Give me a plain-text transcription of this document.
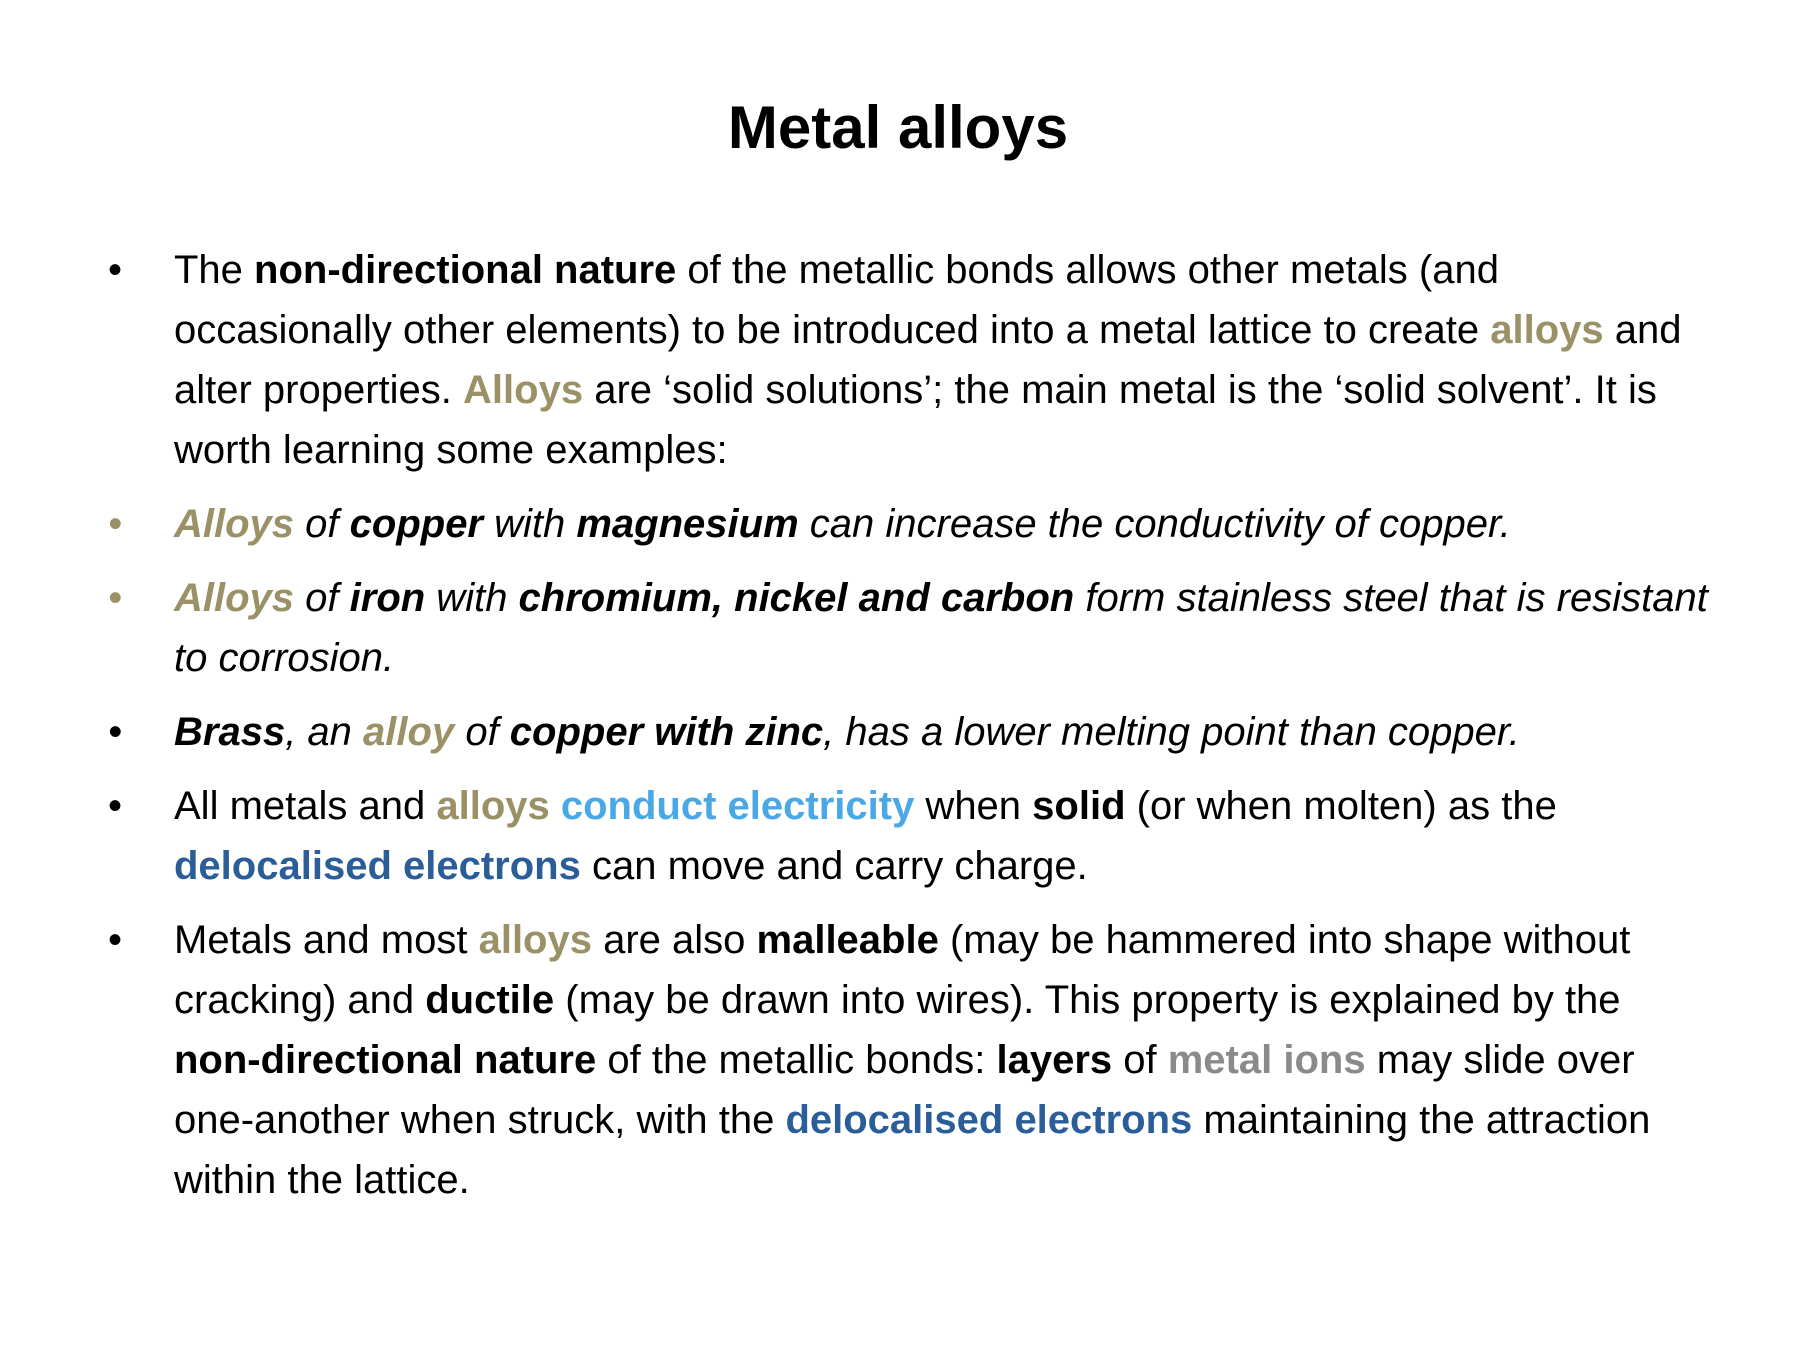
Metal alloys
• The non-directional nature of the metallic bonds allows other metals (and occasionally other elements) to be introduced into a metal lattice to create alloys and alter properties. Alloys are ‘solid solutions’; the main metal is the ‘solid solvent’. It is worth learning some examples:
• Alloys of copper with magnesium can increase the conductivity of copper.
• Alloys of iron with chromium, nickel and carbon form stainless steel that is resistant to corrosion.
• Brass, an alloy of copper with zinc, has a lower melting point than copper.
• All metals and alloys conduct electricity when solid (or when molten) as the delocalised electrons can move and carry charge.
• Metals and most alloys are also malleable (may be hammered into shape without cracking) and ductile (may be drawn into wires). This property is explained by the non-directional nature of the metallic bonds: layers of metal ions may slide over one-another when struck, with the delocalised electrons maintaining the attraction within the lattice.
